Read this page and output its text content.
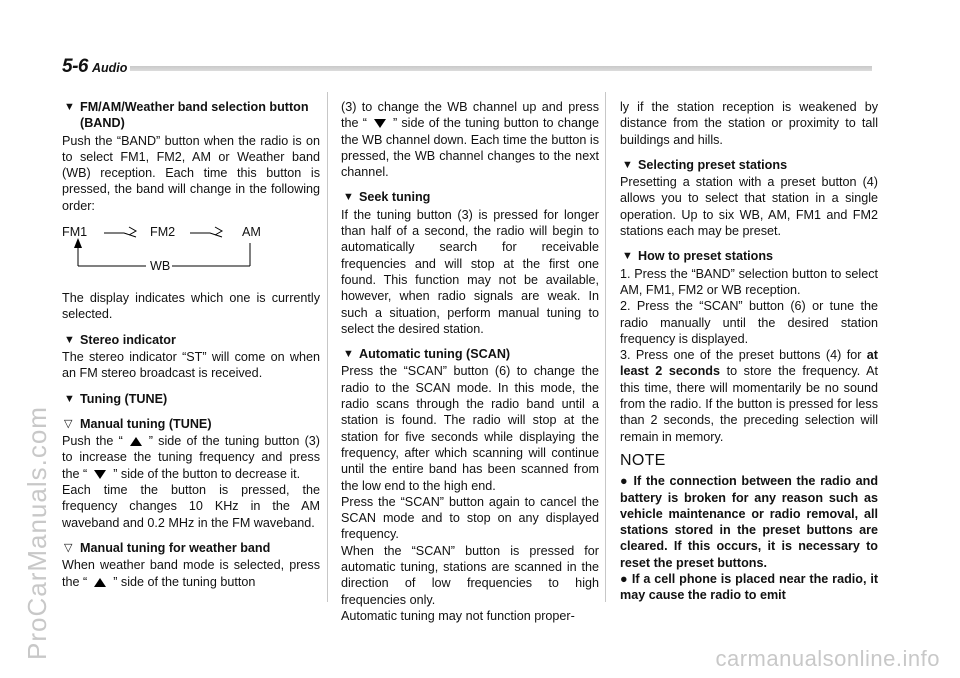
5-6 Audio
▼ FM/AM/Weather band selection button (BAND)

Push the “BAND” button when the radio is on to select FM1, FM2, AM or Weather band (WB) reception. Each time this button is pressed, the band will change in the following order:

FM1	FM2	AM
WB

The display indicates which one is currently selected.

▼ Stereo indicator

The stereo indicator “ST” will come on when an FM stereo broadcast is received.

▼ Tuning (TUNE)
▽ Manual tuning (TUNE)

Push the “ ” side of the tuning button (3) to increase the tuning frequency and press the “ ” side of the button to decrease it.

Each time the button is pressed, the frequency changes 10 KHz in the AM waveband and 0.2 MHz in the FM waveband.

▽ Manual tuning for weather band

When weather band mode is selected, press the “ ” side of the tuning button

(3) to change the WB channel up and press the “ ” side of the tuning button to change the WB channel down. Each time the button is pressed, the WB channel changes to the next channel.

▼ Seek tuning

If the tuning button (3) is pressed for longer than half of a second, the radio will begin to automatically search for receivable frequencies and will stop at the first one found. This function may not be available, however, when radio signals are weak. In such a situation, perform manual tuning to select the desired station.

▼ Automatic tuning (SCAN)

Press the “SCAN” button (6) to change the radio to the SCAN mode. In this mode, the radio scans through the radio band until a station is found. The radio will stop at the station for five seconds while displaying the frequency, after which scanning will continue until the entire band has been scanned from the low end to the high end.

Press the “SCAN” button again to cancel the SCAN mode and to stop on any displayed frequency.

When the “SCAN” button is pressed for automatic tuning, stations are scanned in the direction of low frequencies to high frequencies only.

Automatic tuning may not function proper-

ly if the station reception is weakened by distance from the station or proximity to tall buildings and hills.

▼ Selecting preset stations

Presetting a station with a preset button (4) allows you to select that station in a single operation. Up to six WB, AM, FM1 and FM2 stations each may be preset.

▼ How to preset stations

1. Press the “BAND” selection button to select AM, FM1, FM2 or WB reception.

2. Press the “SCAN” button (6) or tune the radio manually until the desired station frequency is displayed.

3. Press one of the preset buttons (4) for at least 2 seconds to store the frequency. At this time, there will momentarily be no sound from the radio. If the button is pressed for less than 2 seconds, the preceding selection will remain in memory.

NOTE

● If the connection between the radio and battery is broken for any reason such as vehicle maintenance or radio removal, all stations stored in the preset buttons are cleared. If this occurs, it is necessary to reset the preset buttons.

● If a cell phone is placed near the radio, it may cause the radio to emit

ProCarManuals.com	carmanualsonline.info
